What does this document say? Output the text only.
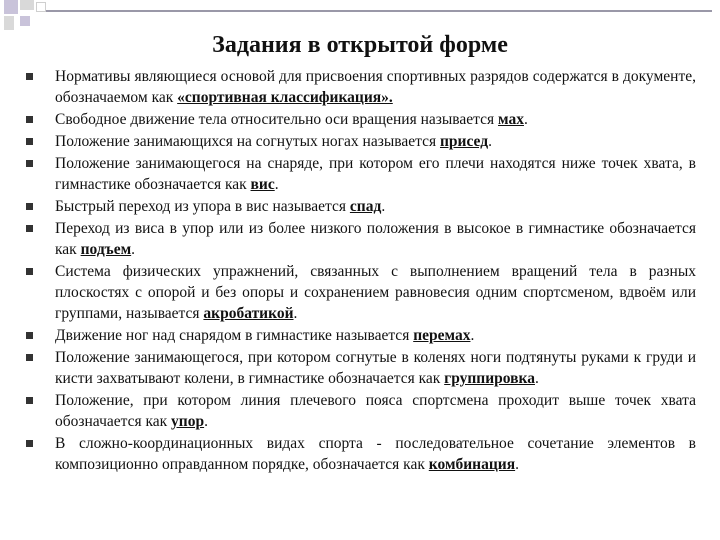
Задания в открытой форме
Нормативы являющиеся основой для присвоения спортивных разрядов содержатся в документе, обозначаемом как «спортивная классификация».
Свободное движение тела относительно оси вращения называется мах.
Положение занимающихся на согнутых ногах называется присед.
Положение занимающегося на снаряде, при котором его плечи находятся ниже точек хвата, в гимнастике обозначается как вис.
Быстрый переход из упора в вис называется спад.
Переход из виса в упор или из более низкого положения в высокое в гимнастике обозначается как подъем.
Система физических упражнений, связанных с выполнением вращений тела в разных плоскостях с опорой и без опоры и сохранением равновесия одним спортсменом, вдвоём или группами, называется акробатикой.
Движение ног над снарядом в гимнастике называется перемах.
Положение занимающегося, при котором согнутые в коленях ноги подтянуты руками к груди и кисти захватывают колени, в гимнастике обозначается как группировка.
Положение, при котором линия плечевого пояса спортсмена проходит выше точек хвата обозначается как упор.
В сложно-координационных видах спорта - последовательное сочетание элементов в композиционно оправданном порядке, обозначается как комбинация.
